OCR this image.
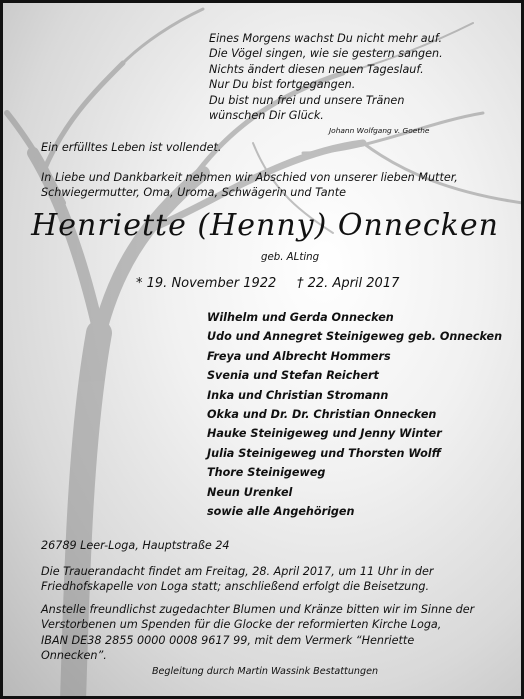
Eines Morgens wachst Du nicht mehr auf.
Die Vögel singen, wie sie gestern sangen.
Nichts ändert diesen neuen Tageslauf.
Nur Du bist fortgegangen.
Du bist nun frei und unsere Tränen
wünschen Dir Glück.
Johann Wolfgang v. Goethe
Ein erfülltes Leben ist vollendet.
In Liebe und Dankbarkeit nehmen wir Abschied von unserer lieben Mutter,
Schwiegermutter, Oma, Uroma, Schwägerin und Tante
Henriette (Henny) Onnecken
geb. ALting
* 19. November 1922 † 22. April 2017
Wilhelm und Gerda Onnecken
Udo und Annegret Steinigeweg geb. Onnecken
Freya und Albrecht Hommers
Svenia und Stefan Reichert
Inka und Christian Stromann
Okka und Dr. Dr. Christian Onnecken
Hauke Steinigeweg und Jenny Winter
Julia Steinigeweg und Thorsten Wolff
Thore Steinigeweg
Neun Urenkel
sowie alle Angehörigen
26789 Leer-Loga, Hauptstraße 24
Die Trauerandacht findet am Freitag, 28. April 2017, um 11 Uhr in der
Friedhofskapelle von Loga statt; anschließend erfolgt die Beisetzung.
Anstelle freundlichst zugedachter Blumen und Kränze bitten wir im Sinne der
Verstorbenen um Spenden für die Glocke der reformierten Kirche Loga,
IBAN DE38 2855 0000 0008 9617 99, mit dem Vermerk “Henriette
Onnecken”.
Begleitung durch Martin Wassink Bestattungen
